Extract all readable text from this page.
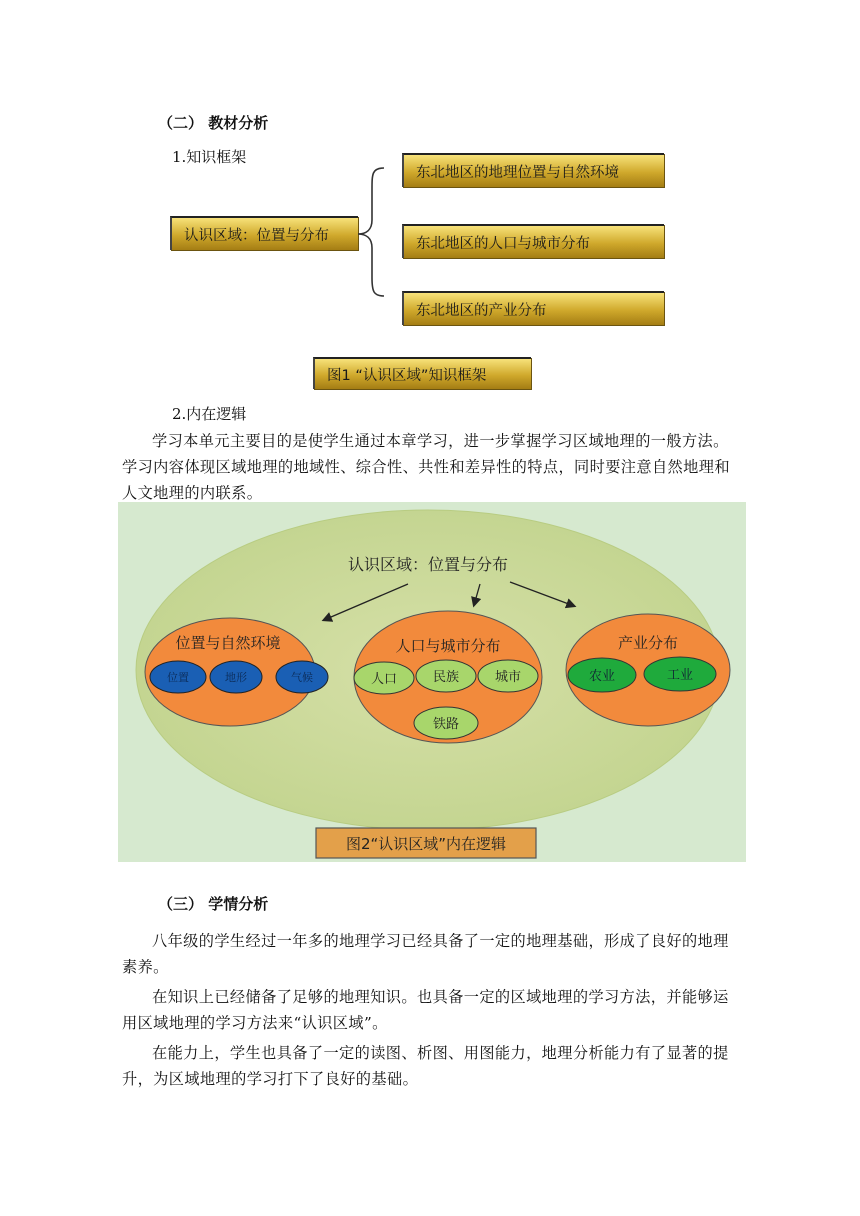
（二） 教材分析
1.知识框架
认识区域：位置与分布
东北地区的地理位置与自然环境
东北地区的人口与城市分布
东北地区的产业分布
图1 “认识区域”知识框架
2.内在逻辑
学习本单元主要目的是使学生通过本章学习，进一步掌握学习区域地理的一般方法。学习内容体现区域地理的地域性、综合性、共性和差异性的特点，同时要注意自然地理和人文地理的内联系。
认识区域：位置与分布
位置与自然环境
位置	地形	气候
人口与城市分布
人口	民族	城市
铁路
产业分布
农业	工业
图2“认识区域”内在逻辑
（三） 学情分析
八年级的学生经过一年多的地理学习已经具备了一定的地理基础，形成了良好的地理素养。
在知识上已经储备了足够的地理知识。也具备一定的区域地理的学习方法，并能够运用区域地理的学习方法来“认识区域”。
在能力上，学生也具备了一定的读图、析图、用图能力，地理分析能力有了显著的提升，为区域地理的学习打下了良好的基础。
